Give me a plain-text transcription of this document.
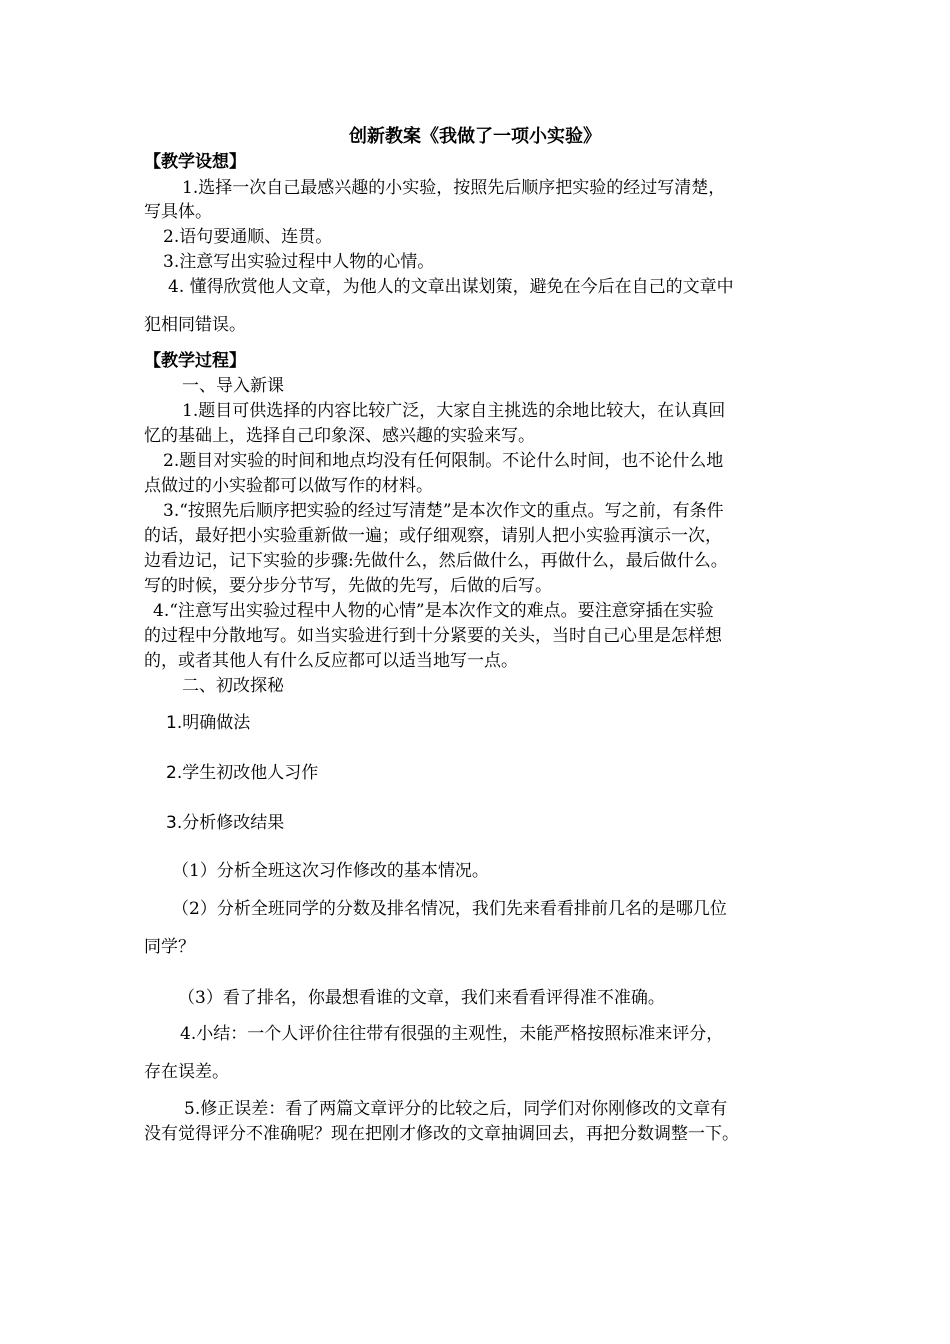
创新教案《我做了一项小实验》
【教学设想】
1.选择一次自己最感兴趣的小实验，按照先后顺序把实验的经过写清楚，
写具体。
2.语句要通顺、连贯。
3.注意写出实验过程中人物的心情。
4. 懂得欣赏他人文章，为他人的文章出谋划策，避免在今后在自己的文章中
犯相同错误。
【教学过程】
一、导入新课
1.题目可供选择的内容比较广泛，大家自主挑选的余地比较大，在认真回
忆的基础上，选择自己印象深、感兴趣的实验来写。
2.题目对实验的时间和地点均没有任何限制。不论什么时间，也不论什么地
点做过的小实验都可以做写作的材料。
3.“按照先后顺序把实验的经过写清楚”是本次作文的重点。写之前，有条件
的话，最好把小实验重新做一遍；或仔细观察，请别人把小实验再演示一次，
边看边记，记下实验的步骤:先做什么，然后做什么，再做什么，最后做什么。
写的时候，要分步分节写，先做的先写，后做的后写。
4.“注意写出实验过程中人物的心情”是本次作文的难点。要注意穿插在实验
的过程中分散地写。如当实验进行到十分紧要的关头，当时自己心里是怎样想
的，或者其他人有什么反应都可以适当地写一点。
二、初改探秘
1.明确做法
2.学生初改他人习作
3.分析修改结果
（1）分析全班这次习作修改的基本情况。
（2）分析全班同学的分数及排名情况，我们先来看看排前几名的是哪几位
同学？
（3）看了排名，你最想看谁的文章，我们来看看评得准不准确。
4.小结：一个人评价往往带有很强的主观性，未能严格按照标准来评分，
存在误差。
5.修正误差：看了两篇文章评分的比较之后，同学们对你刚修改的文章有
没有觉得评分不准确呢？现在把刚才修改的文章抽调回去，再把分数调整一下。
